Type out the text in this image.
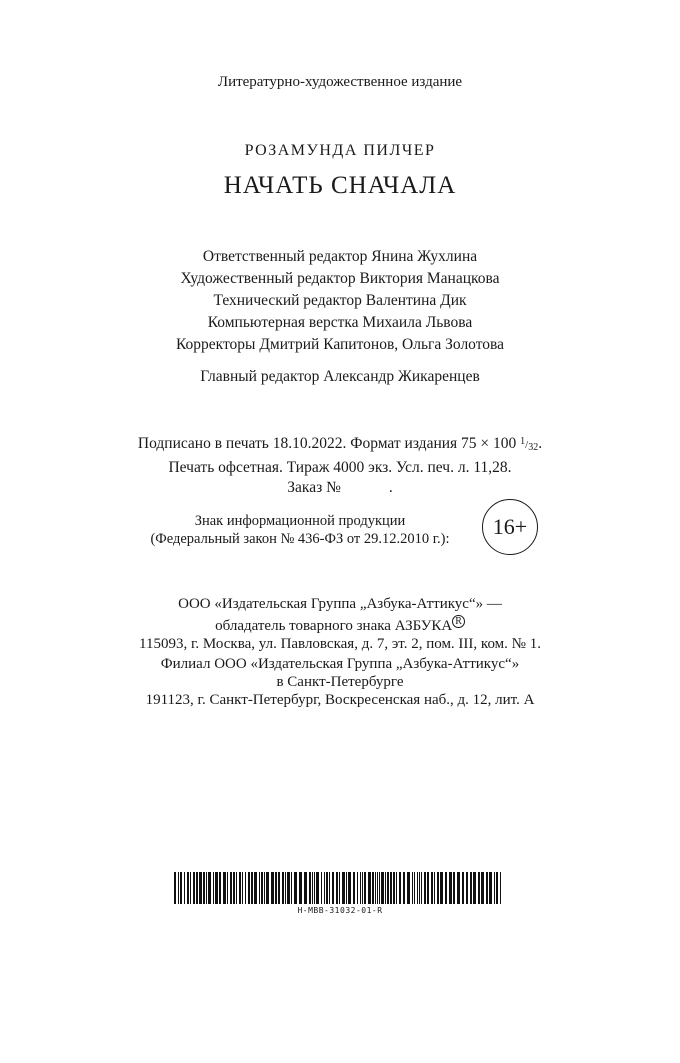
Литературно-художественное издание
РОЗАМУНДА ПИЛЧЕР
НАЧАТЬ СНАЧАЛА
Ответственный редактор Янина Жухлина
Художественный редактор Виктория Манацкова
Технический редактор Валентина Дик
Компьютерная верстка Михаила Львова
Корректоры Дмитрий Капитонов, Ольга Золотова
Главный редактор Александр Жикаренцев
Подписано в печать 18.10.2022. Формат издания 75 × 100 $^1/_{32}$.
Печать офсетная. Тираж 4000 экз. Усл. печ. л. 11,28.
Заказ №	.
Знак информационной продукции
(Федеральный закон № 436-ФЗ от 29.12.2010 г.):	16+
ООО «Издательская Группа „Азбука-Аттикус“» —
обладатель товарного знака АЗБУКА $^R$
115093, г. Москва, ул. Павловская, д. 7, эт. 2, пом. III, ком. № 1.
Филиал ООО «Издательская Группа „Азбука-Аттикус“»
в Санкт-Петербурге
191123, г. Санкт-Петербург, Воскресенская наб., д. 12, лит. А
H-MBB-31032-01-R
